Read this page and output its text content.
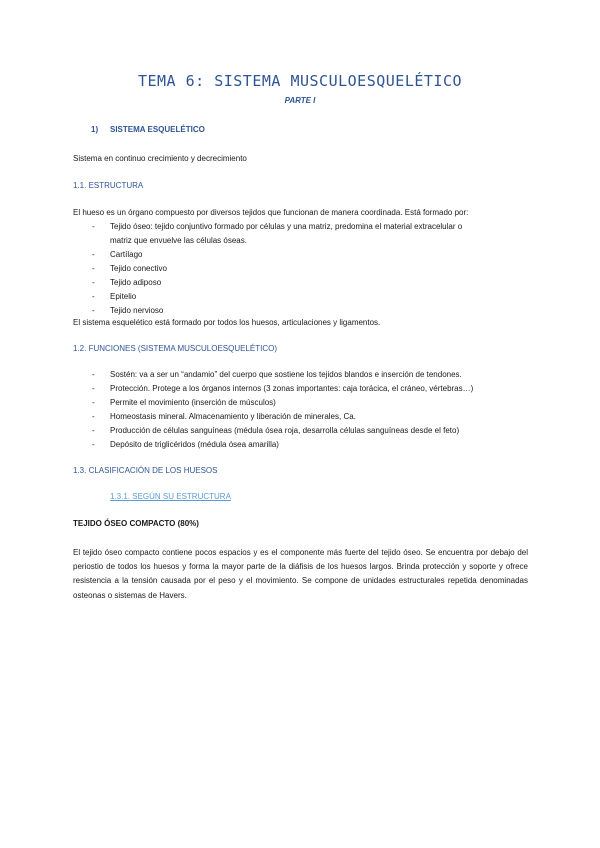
TEMA 6: SISTEMA MUSCULOESQUELÉTICO
PARTE I
1) SISTEMA ESQUELÉTICO
Sistema en continuo crecimiento y decrecimiento
1.1. ESTRUCTURA
El hueso es un órgano compuesto por diversos tejidos que funcionan de manera coordinada. Está formado por:
- Tejido óseo: tejido conjuntivo formado por células y una matriz, predomina el material extracelular o
matriz que envuelve las células óseas.
- Cartílago
- Tejido conectivo
- Tejido adiposo
- Epitelio
- Tejido nervioso
El sistema esquelético está formado por todos los huesos, articulaciones y ligamentos.
1.2. FUNCIONES (SISTEMA MUSCULOESQUELÉTICO)
- Sostén: va a ser un “andamio” del cuerpo que sostiene los tejidos blandos e inserción de tendones.
- Protección. Protege a los órganos internos (3 zonas importantes: caja torácica, el cráneo, vértebras…)
- Permite el movimiento (inserción de músculos)
- Homeostasis mineral. Almacenamiento y liberación de minerales, Ca.
- Producción de células sanguíneas (médula ósea roja, desarrolla células sanguíneas desde el feto)
- Depósito de triglicéridos (médula ósea amarilla)
1.3. CLASIFICACIÓN DE LOS HUESOS
1.3.1. SEGÚN SU ESTRUCTURA
TEJIDO ÓSEO COMPACTO (80%)
El tejido óseo compacto contiene pocos espacios y es el componente más fuerte del tejido óseo. Se encuentra por debajo del periostio de todos los huesos y forma la mayor parte de la diáfisis de los huesos largos. Brinda protección y soporte y ofrece resistencia a la tensión causada por el peso y el movimiento. Se compone de unidades estructurales repetida denominadas osteonas o sistemas de Havers.
